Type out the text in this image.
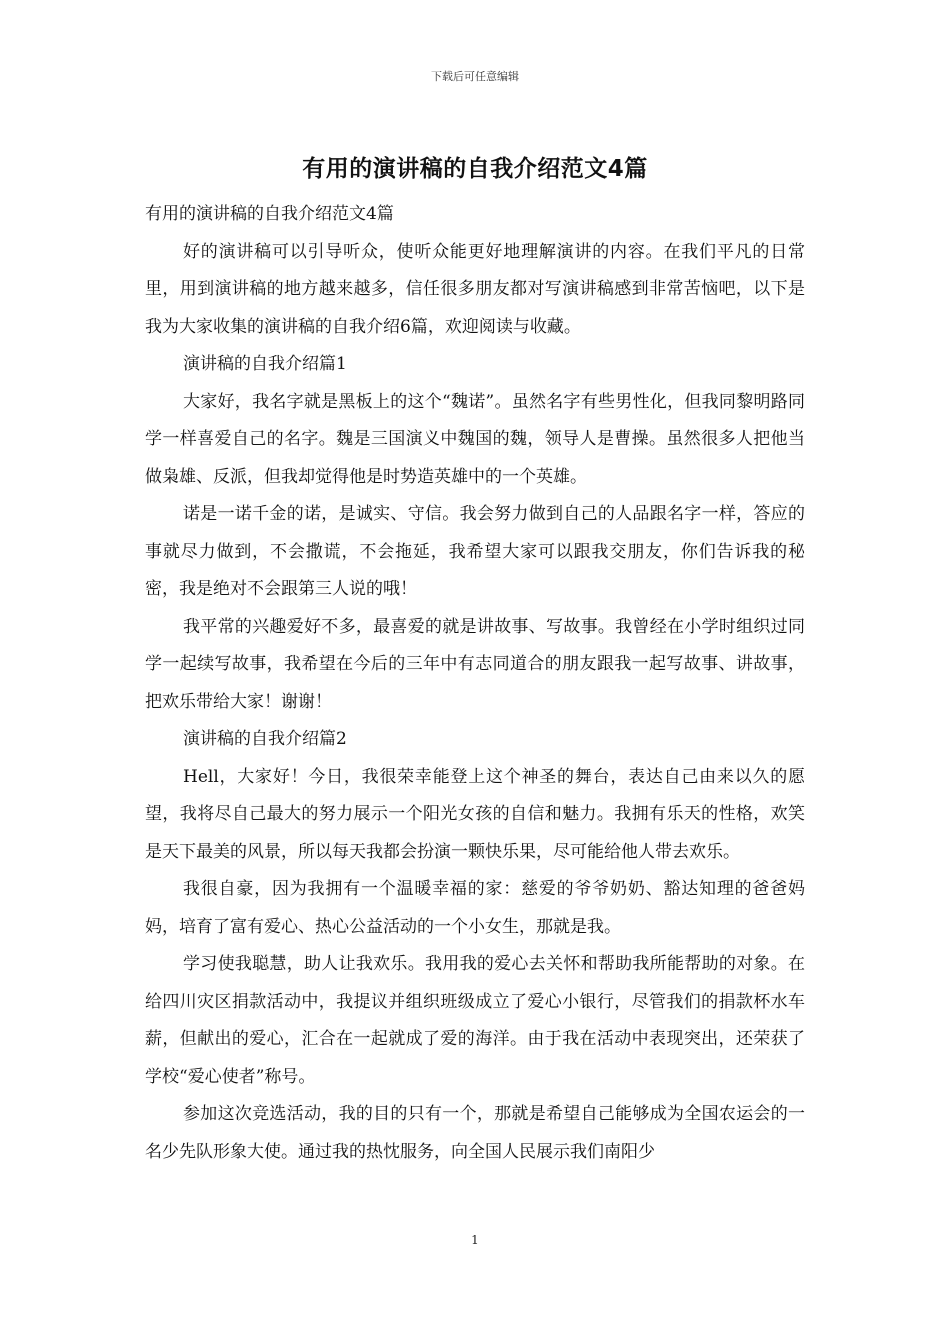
下载后可任意编辑
有用的演讲稿的自我介绍范文4篇

有用的演讲稿的自我介绍范文4篇

好的演讲稿可以引导听众，使听众能更好地理解演讲的内容。在我们平凡的日常里，用到演讲稿的地方越来越多，信任很多朋友都对写演讲稿感到非常苦恼吧，以下是我为大家收集的演讲稿的自我介绍6篇，欢迎阅读与收藏。

演讲稿的自我介绍篇1

大家好，我名字就是黑板上的这个“魏诺”。虽然名字有些男性化，但我同黎明路同学一样喜爱自己的名字。魏是三国演义中魏国的魏，领导人是曹操。虽然很多人把他当做枭雄、反派，但我却觉得他是时势造英雄中的一个英雄。

诺是一诺千金的诺，是诚实、守信。我会努力做到自己的人品跟名字一样，答应的事就尽力做到，不会撒谎，不会拖延，我希望大家可以跟我交朋友，你们告诉我的秘密，我是绝对不会跟第三人说的哦！

我平常的兴趣爱好不多，最喜爱的就是讲故事、写故事。我曾经在小学时组织过同学一起续写故事，我希望在今后的三年中有志同道合的朋友跟我一起写故事、讲故事，把欢乐带给大家！谢谢！

演讲稿的自我介绍篇2

Hell，大家好！今日，我很荣幸能登上这个神圣的舞台，表达自己由来以久的愿望，我将尽自己最大的努力展示一个阳光女孩的自信和魅力。我拥有乐天的性格，欢笑是天下最美的风景，所以每天我都会扮演一颗快乐果，尽可能给他人带去欢乐。

我很自豪，因为我拥有一个温暖幸福的家：慈爱的爷爷奶奶、豁达知理的爸爸妈妈，培育了富有爱心、热心公益活动的一个小女生，那就是我。

学习使我聪慧，助人让我欢乐。我用我的爱心去关怀和帮助我所能帮助的对象。在给四川灾区捐款活动中，我提议并组织班级成立了爱心小银行，尽管我们的捐款杯水车薪，但献出的爱心，汇合在一起就成了爱的海洋。由于我在活动中表现突出，还荣获了学校“爱心使者”称号。

参加这次竞选活动，我的目的只有一个，那就是希望自己能够成为全国农运会的一名少先队形象大使。通过我的热忱服务，向全国人民展示我们南阳少

1
